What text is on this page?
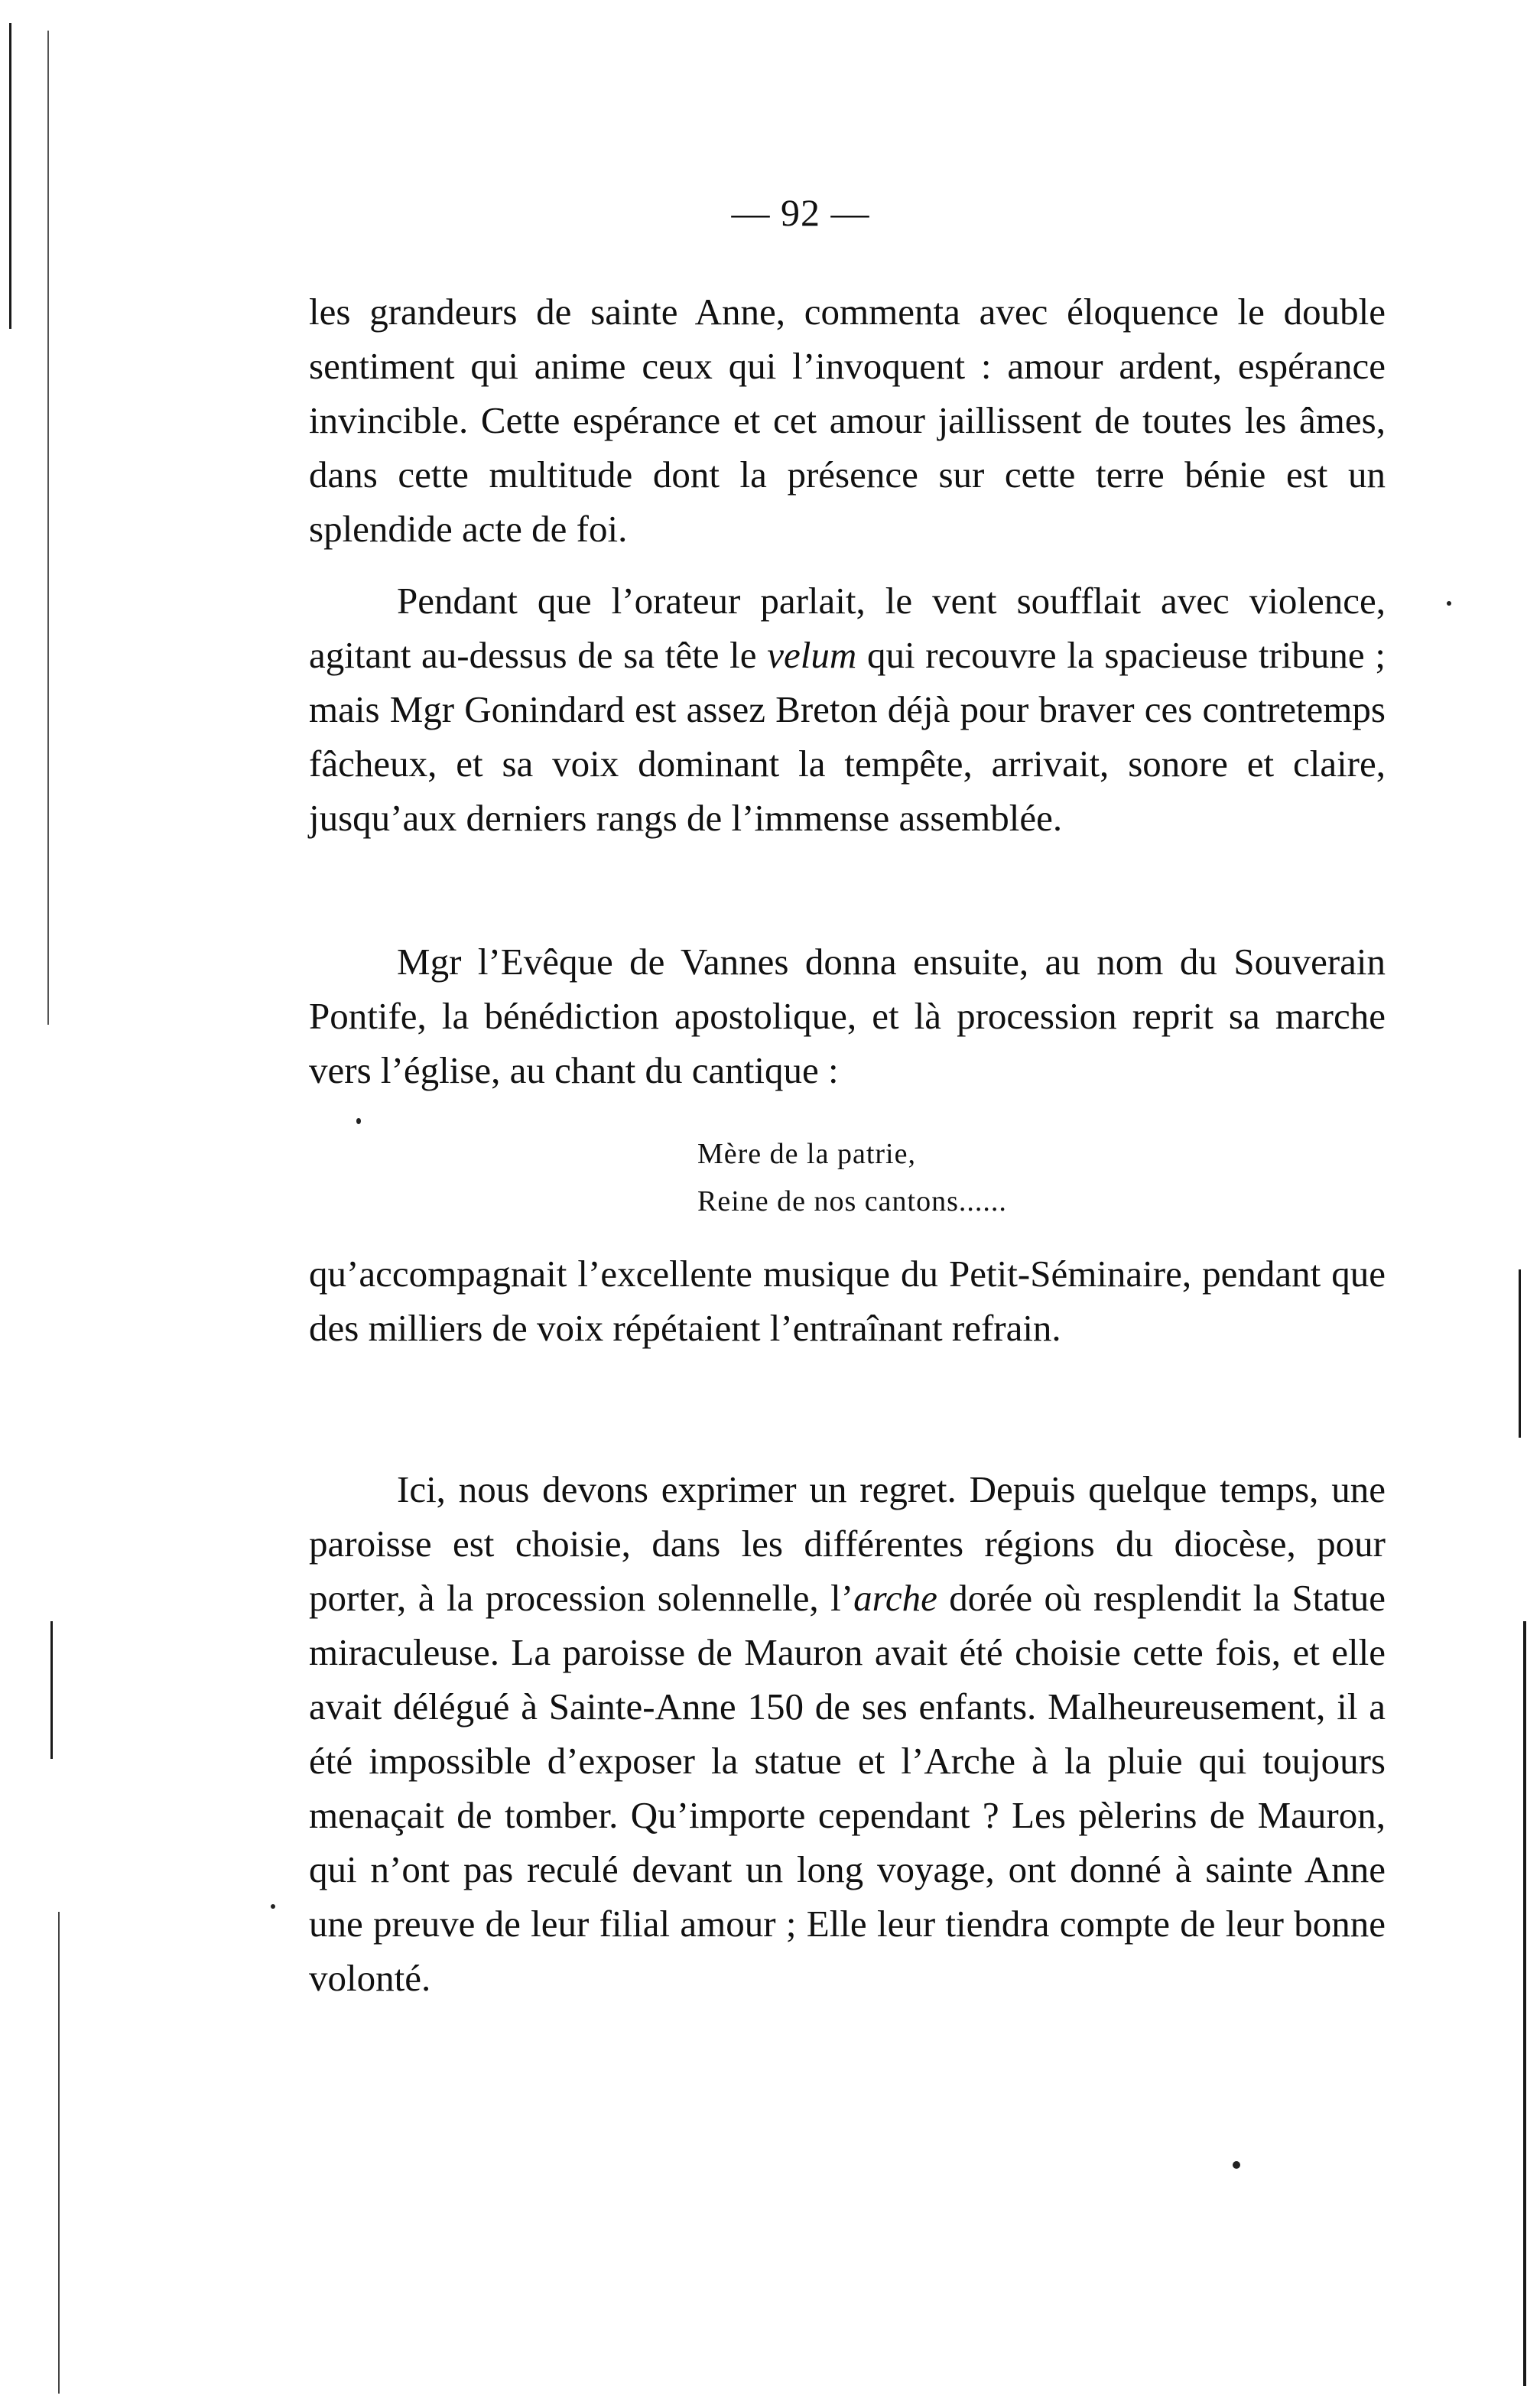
— 92 —

les grandeurs de sainte Anne, commenta avec éloquence le double sentiment qui anime ceux qui l’invoquent : amour ardent, espérance invincible. Cette espérance et cet amour jaillissent de toutes les âmes, dans cette multitude dont la présence sur cette terre bénie est un splendide acte de foi.

Pendant que l’orateur parlait, le vent soufflait avec violence, agitant au-dessus de sa tête le velum qui recouvre la spacieuse tribune ; mais Mgr Gonindard est assez Breton déjà pour braver ces contretemps fâcheux, et sa voix dominant la tempête, arrivait, sonore et claire, jusqu’aux derniers rangs de l’immense assemblée.

Mgr l’Evêque de Vannes donna ensuite, au nom du Souverain Pontife, la bénédiction apostolique, et là procession reprit sa marche vers l’église, au chant du cantique :

Mère de la patrie,
Reine de nos cantons......

qu’accompagnait l’excellente musique du Petit-Séminaire, pendant que des milliers de voix répétaient l’entraînant refrain.

Ici, nous devons exprimer un regret. Depuis quelque temps, une paroisse est choisie, dans les différentes régions du diocèse, pour porter, à la procession solennelle, l’arche dorée où resplendit la Statue miraculeuse. La paroisse de Mauron avait été choisie cette fois, et elle avait délégué à Sainte-Anne 150 de ses enfants. Malheureusement, il a été impossible d’exposer la statue et l’Arche à la pluie qui toujours menaçait de tomber. Qu’importe cependant ? Les pèlerins de Mauron, qui n’ont pas reculé devant un long voyage, ont donné à sainte Anne une preuve de leur filial amour ; Elle leur tiendra compte de leur bonne volonté.
